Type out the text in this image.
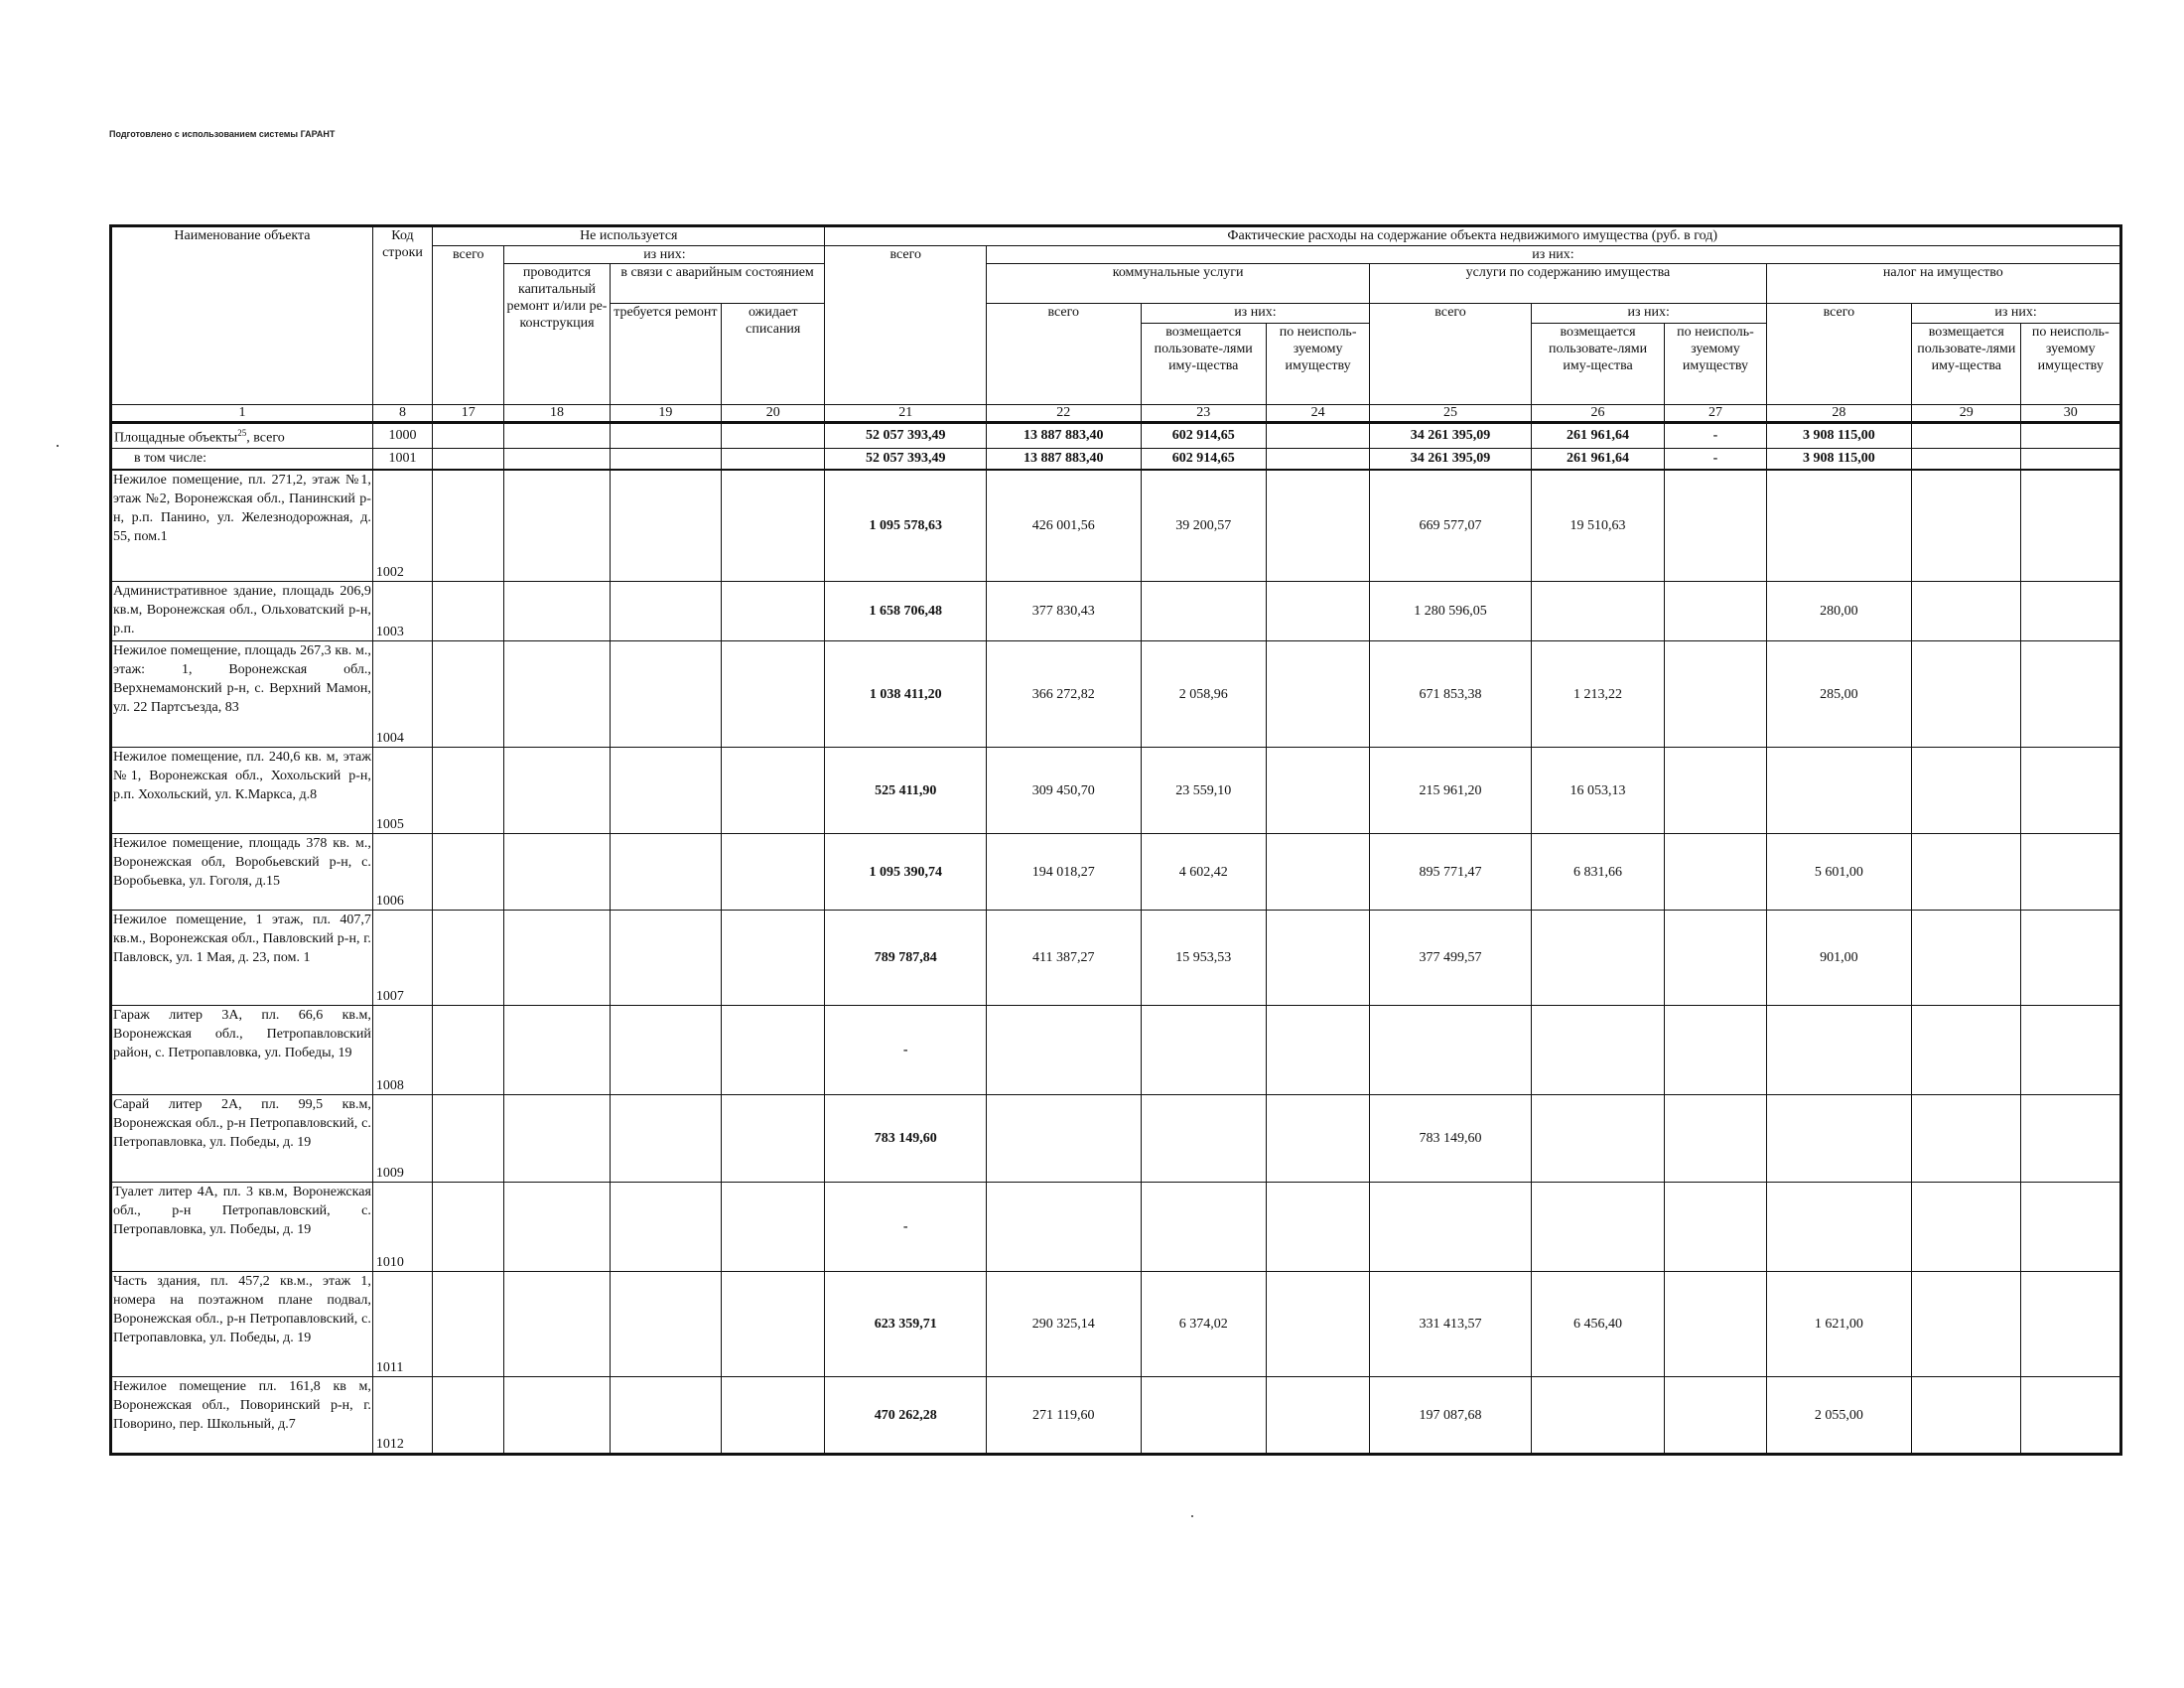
Подготовлено с использованием системы ГАРАНТ
Наименование объекта	Код строки	Не используется				Фактические расходы на содержание объекта недвижимого имущества (руб. в год)									
		всего	из них:			всего	из них:								
			проводится капитальный ремонт и/или ре-конструкция	в связи с аварийным состоянием			коммунальные услуги			услуги по содержанию имущества			налог на имущество		
				требуется ремонт	ожидает списания		всего	из них:		всего	из них:		всего	из них:	
								возмещается пользовате-лями иму-щества	по неисполь-зуемому имуществу		возмещается пользовате-лями иму-щества	по неисполь-зуемому имуществу		возмещается пользовате-лями иму-щества	по неисполь-зуемому имуществу
1	8	17	18	19	20	21	22	23	24	25	26	27	28	29	30
Площадные объекты$^{25}$, всего	1000					52 057 393,49	13 887 883,40	602 914,65		34 261 395,09	261 961,64	-	3 908 115,00		
в том числе:	1001					52 057 393,49	13 887 883,40	602 914,65		34 261 395,09	261 961,64	-	3 908 115,00		
Нежилое помещение, пл. 271,2, этаж №1, этаж №2, Воронежская обл., Панинский р-н, р.п. Панино, ул. Железнодорожная, д. 55, пом.1	1002					1 095 578,63	426 001,56	39 200,57		669 577,07	19 510,63				
Административное здание, площадь 206,9 кв.м, Воронежская обл., Ольховатский р-н, р.п.	1003					1 658 706,48	377 830,43			1 280 596,05			280,00		
Нежилое помещение, площадь 267,3 кв. м., этаж: 1, Воронежская обл., Верхнемамонский р-н, с. Верхний Мамон, ул. 22 Партсъезда, 83	1004					1 038 411,20	366 272,82	2 058,96		671 853,38	1 213,22		285,00		
Нежилое помещение, пл. 240,6 кв. м, этаж №1, Воронежская обл., Хохольский р-н, р.п. Хохольский, ул. К.Маркса, д.8	1005					525 411,90	309 450,70	23 559,10		215 961,20	16 053,13				
Нежилое помещение, площадь 378 кв. м., Воронежская обл, Воробьевский р-н, с. Воробьевка, ул. Гоголя, д.15	1006					1 095 390,74	194 018,27	4 602,42		895 771,47	6 831,66		5 601,00		
Нежилое помещение, 1 этаж, пл. 407,7 кв.м., Воронежская обл., Павловский р-н, г. Павловск, ул. 1 Мая, д. 23, пом. 1	1007					789 787,84	411 387,27	15 953,53		377 499,57			901,00		
Гараж литер 3А, пл. 66,6 кв.м, Воронежская обл., Петропавловский район, с. Петропавловка, ул. Победы, 19	1008					-									
Сарай литер 2А, пл. 99,5 кв.м, Воронежская обл., р-н Петропавловский, с. Петропавловка, ул. Победы, д. 19	1009					783 149,60				783 149,60					
Туалет литер 4А, пл. 3 кв.м, Воронежская обл., р-н Петропавловский, с. Петропавловка, ул. Победы, д. 19	1010					-									
Часть здания, пл. 457,2 кв.м., этаж 1, номера на поэтажном плане подвал, Воронежская обл., р-н Петропавловский, с. Петропавловка, ул. Победы, д. 19	1011					623 359,71	290 325,14	6 374,02		331 413,57	6 456,40		1 621,00		
Нежилое помещение пл. 161,8 кв м, Воронежская обл., Поворинский р-н, г. Поворино, пер. Школьный, д.7	1012					470 262,28	271 119,60			197 087,68			2 055,00		
